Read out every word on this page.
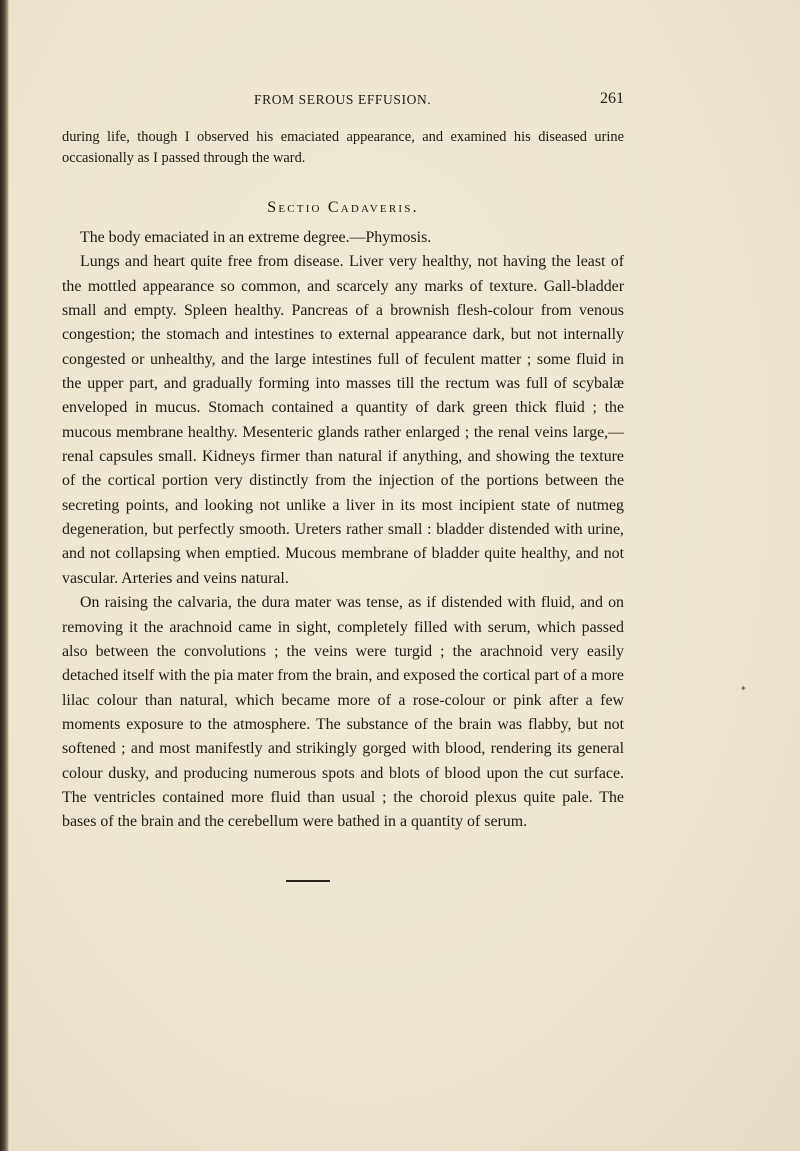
FROM SEROUS EFFUSION.	261
during life, though I observed his emaciated appearance, and examined his diseased urine occasionally as I passed through the ward.
Sectio Cadaveris.

The body emaciated in an extreme degree.—Phymosis.

Lungs and heart quite free from disease. Liver very healthy, not having the least of the mottled appearance so common, and scarcely any marks of texture. Gall-bladder small and empty. Spleen healthy. Pancreas of a brownish flesh-colour from venous congestion; the stomach and intestines to external appearance dark, but not internally congested or unhealthy, and the large intestines full of feculent matter ; some fluid in the upper part, and gradually forming into masses till the rectum was full of scybalæ enveloped in mucus. Stomach contained a quantity of dark green thick fluid ; the mucous membrane healthy. Mesenteric glands rather enlarged ; the renal veins large,—renal capsules small. Kidneys firmer than natural if anything, and showing the texture of the cortical portion very distinctly from the injection of the portions between the secreting points, and looking not unlike a liver in its most incipient state of nutmeg degeneration, but perfectly smooth. Ureters rather small : bladder distended with urine, and not collapsing when emptied. Mucous membrane of bladder quite healthy, and not vascular. Arteries and veins natural.

On raising the calvaria, the dura mater was tense, as if distended with fluid, and on removing it the arachnoid came in sight, completely filled with serum, which passed also between the convolutions ; the veins were turgid ; the arachnoid very easily detached itself with the pia mater from the brain, and exposed the cortical part of a more lilac colour than natural, which became more of a rose-colour or pink after a few moments exposure to the atmosphere. The substance of the brain was flabby, but not softened ; and most manifestly and strikingly gorged with blood, rendering its general colour dusky, and producing numerous spots and blots of blood upon the cut surface. The ventricles contained more fluid than usual ; the choroid plexus quite pale. The bases of the brain and the cerebellum were bathed in a quantity of serum.

✦
